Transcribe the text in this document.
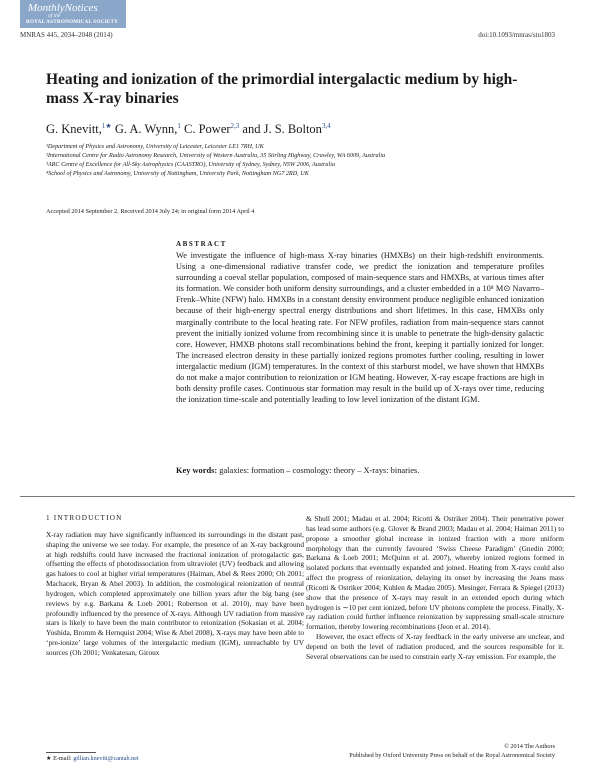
MonthlyNotices
of the
ROYAL ASTRONOMICAL SOCIETY
MNRAS 445, 2034–2048 (2014)	doi:10.1093/mnras/stu1803
Heating and ionization of the primordial intergalactic medium by high-mass X-ray binaries
G. Knevitt,$^{1★}$ G. A. Wynn,$^1$ C. Power$^{2,3}$ and J. S. Bolton$^{3,4}$
¹Department of Physics and Astronomy, University of Leicester, Leicester LE1 7RH, UK
²International Centre for Radio Astronomy Research, University of Western Australia, 35 Stirling Highway, Crawley, WA 6009, Australia
³ARC Centre of Excellence for All-Sky Astrophysics (CAASTRO), University of Sydney, Sydney, NSW 2006, Australia
⁴School of Physics and Astronomy, University of Nottingham, University Park, Nottingham NG7 2RD, UK
Accepted 2014 September 2. Received 2014 July 24; in original form 2014 April 4
ABSTRACT
We investigate the influence of high-mass X-ray binaries (HMXBs) on their high-redshift environments. Using a one-dimensional radiative transfer code, we predict the ionization and temperature profiles surrounding a coeval stellar population, composed of main-sequence stars and HMXBs, at various times after its formation. We consider both uniform density surroundings, and a cluster embedded in a 10⁸ M⊙ Navarro–Frenk–White (NFW) halo. HMXBs in a constant density environment produce negligible enhanced ionization because of their high-energy spectral energy distributions and short lifetimes. In this case, HMXBs only marginally contribute to the local heating rate. For NFW profiles, radiation from main-sequence stars cannot prevent the initially ionized volume from recombining since it is unable to penetrate the high-density galactic core. However, HMXB photons stall recombinations behind the front, keeping it partially ionized for longer. The increased electron density in these partially ionized regions promotes further cooling, resulting in lower intergalactic medium (IGM) temperatures. In the context of this starburst model, we have shown that HMXBs do not make a major contribution to reionization or IGM heating. However, X-ray escape fractions are high in both density profile cases. Continuous star formation may result in the build up of X-rays over time, reducing the ionization time-scale and potentially leading to low level ionization of the distant IGM.
Key words: galaxies: formation – cosmology: theory – X-rays: binaries.
1 INTRODUCTION
X-ray radiation may have significantly influenced its surroundings in the distant past, shaping the universe we see today. For example, the presence of an X-ray background at high redshifts could have increased the fractional ionization of protogalactic gas, offsetting the effects of photodissociation from ultraviolet (UV) feedback and allowing gas haloes to cool at higher virial temperatures (Haiman, Abel & Rees 2000; Oh 2001; Machacek, Bryan & Abel 2003). In addition, the cosmological reionization of neutral hydrogen, which completed approximately one billion years after the big bang (see reviews by e.g. Barkana & Loeb 2001; Robertson et al. 2010), may have been profoundly influenced by the presence of X-rays. Although UV radiation from massive stars is likely to have been the main contributor to reionization (Sokasian et al. 2004; Yoshida, Bromm & Hernquist 2004; Wise & Abel 2008), X-rays may have been able to ‘pre-ionize’ large volumes of the intergalactic medium (IGM), unreachable by UV sources (Oh 2001; Venkatesan, Giroux
& Shull 2001; Madau et al. 2004; Ricotti & Ostriker 2004). Their penetrative power has lead some authors (e.g. Glover & Brand 2003; Madau et al. 2004; Haiman 2011) to propose a smoother global increase in ionized fraction with a more uniform morphology than the currently favoured ‘Swiss Cheese Paradigm’ (Gnedin 2000; Barkana & Loeb 2001; McQuinn et al. 2007), whereby ionized regions formed in isolated pockets that eventually expanded and joined. Heating from X-rays could also affect the progress of reionization, delaying its onset by increasing the Jeans mass (Ricotti & Ostriker 2004; Kuhlen & Madau 2005). Mesinger, Ferrara & Spiegel (2013) show that the presence of X-rays may result in an extended epoch during which hydrogen is ∼10 per cent ionized, before UV photons complete the process. Finally, X-ray radiation could further influence reionization by suppressing small-scale structure formation, thereby lowering recombinations (Jeon et al. 2014).
However, the exact effects of X-ray feedback in the early universe are unclear, and depend on both the level of radiation produced, and the sources responsible for it. Several observations can be used to constrain early X-ray emission. For example, the
★ E-mail: gillian.knevitt@cantab.net
© 2014 The Authors
Published by Oxford University Press on behalf of the Royal Astronomical Society
